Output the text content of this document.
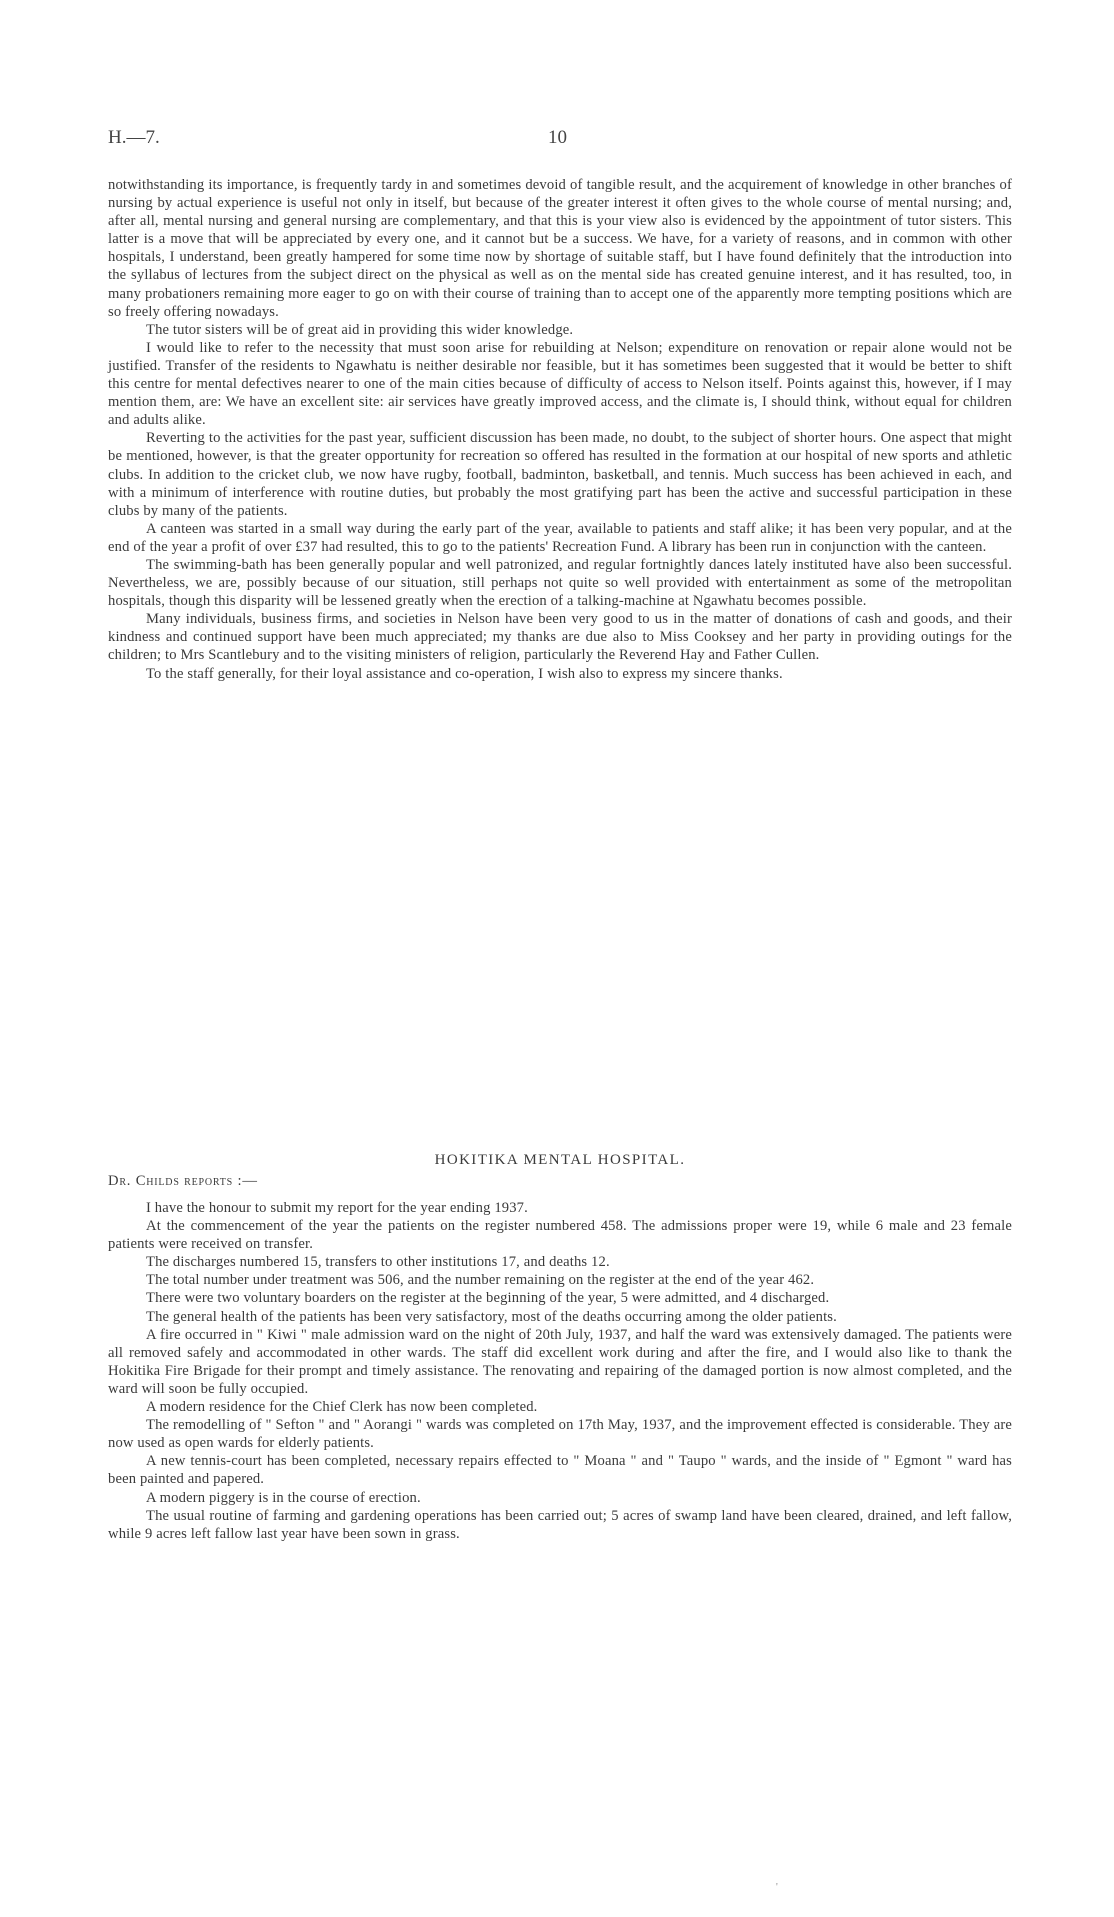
H.—7.	10

notwithstanding its importance, is frequently tardy in and sometimes devoid of tangible result, and the acquirement of knowledge in other branches of nursing by actual experience is useful not only in itself, but because of the greater interest it often gives to the whole course of mental nursing; and, after all, mental nursing and general nursing are complementary, and that this is your view also is evidenced by the appointment of tutor sisters. This latter is a move that will be appreciated by every one, and it cannot but be a success. We have, for a variety of reasons, and in common with other hospitals, I understand, been greatly hampered for some time now by shortage of suitable staff, but I have found definitely that the introduction into the syllabus of lectures from the subject direct on the physical as well as on the mental side has created genuine interest, and it has resulted, too, in many probationers remaining more eager to go on with their course of training than to accept one of the apparently more tempting positions which are so freely offering nowadays.

The tutor sisters will be of great aid in providing this wider knowledge.

I would like to refer to the necessity that must soon arise for rebuilding at Nelson; expenditure on renovation or repair alone would not be justified. Transfer of the residents to Ngawhatu is neither desirable nor feasible, but it has sometimes been suggested that it would be better to shift this centre for mental defectives nearer to one of the main cities because of difficulty of access to Nelson itself. Points against this, however, if I may mention them, are: We have an excellent site: air services have greatly improved access, and the climate is, I should think, without equal for children and adults alike.

Reverting to the activities for the past year, sufficient discussion has been made, no doubt, to the subject of shorter hours. One aspect that might be mentioned, however, is that the greater opportunity for recreation so offered has resulted in the formation at our hospital of new sports and athletic clubs. In addition to the cricket club, we now have rugby, football, badminton, basketball, and tennis. Much success has been achieved in each, and with a minimum of interference with routine duties, but probably the most gratifying part has been the active and successful participation in these clubs by many of the patients.

A canteen was started in a small way during the early part of the year, available to patients and staff alike; it has been very popular, and at the end of the year a profit of over £37 had resulted, this to go to the patients' Recreation Fund. A library has been run in conjunction with the canteen.

The swimming-bath has been generally popular and well patronized, and regular fortnightly dances lately instituted have also been successful. Nevertheless, we are, possibly because of our situation, still perhaps not quite so well provided with entertainment as some of the metropolitan hospitals, though this disparity will be lessened greatly when the erection of a talking-machine at Ngawhatu becomes possible.

Many individuals, business firms, and societies in Nelson have been very good to us in the matter of donations of cash and goods, and their kindness and continued support have been much appreciated; my thanks are due also to Miss Cooksey and her party in providing outings for the children; to Mrs Scantlebury and to the visiting ministers of religion, particularly the Reverend Hay and Father Cullen.

To the staff generally, for their loyal assistance and co-operation, I wish also to express my sincere thanks.

HOKITIKA MENTAL HOSPITAL.
Dr. Childs reports :—

I have the honour to submit my report for the year ending 1937.

At the commencement of the year the patients on the register numbered 458. The admissions proper were 19, while 6 male and 23 female patients were received on transfer.

The discharges numbered 15, transfers to other institutions 17, and deaths 12.

The total number under treatment was 506, and the number remaining on the register at the end of the year 462.

There were two voluntary boarders on the register at the beginning of the year, 5 were admitted, and 4 discharged.

The general health of the patients has been very satisfactory, most of the deaths occurring among the older patients.

A fire occurred in " Kiwi " male admission ward on the night of 20th July, 1937, and half the ward was extensively damaged. The patients were all removed safely and accommodated in other wards. The staff did excellent work during and after the fire, and I would also like to thank the Hokitika Fire Brigade for their prompt and timely assistance. The renovating and repairing of the damaged portion is now almost completed, and the ward will soon be fully occupied.

A modern residence for the Chief Clerk has now been completed.

The remodelling of " Sefton " and " Aorangi " wards was completed on 17th May, 1937, and the improvement effected is considerable. They are now used as open wards for elderly patients.

A new tennis-court has been completed, necessary repairs effected to " Moana " and " Taupo " wards, and the inside of " Egmont " ward has been painted and papered.

A modern piggery is in the course of erection.

The usual routine of farming and gardening operations has been carried out; 5 acres of swamp land have been cleared, drained, and left fallow, while 9 acres left fallow last year have been sown in grass.

'
